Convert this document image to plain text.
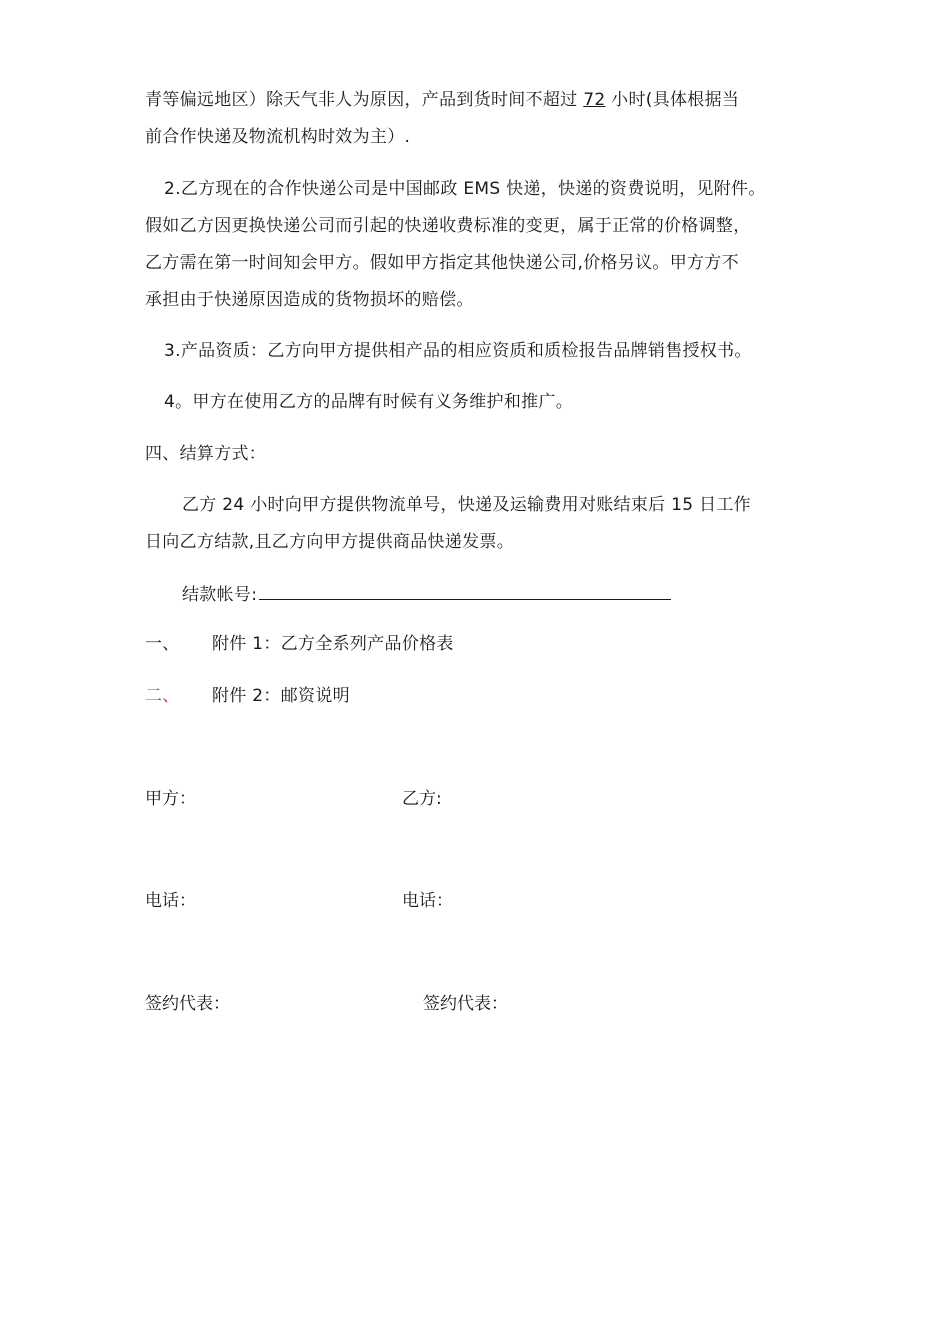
青等偏远地区）除天气非人为原因，产品到货时间不超过 72 小时(具体根据当
前合作快递及物流机构时效为主）.
2.乙方现在的合作快递公司是中国邮政 EMS 快递，快递的资费说明，见附件。
假如乙方因更换快递公司而引起的快递收费标准的变更，属于正常的价格调整，
乙方需在第一时间知会甲方。假如甲方指定其他快递公司,价格另议。甲方方不
承担由于快递原因造成的货物损坏的赔偿。
3.产品资质：乙方向甲方提供相产品的相应资质和质检报告品牌销售授权书。
4。甲方在使用乙方的品牌有时候有义务维护和推广。
四、结算方式：
乙方 24 小时向甲方提供物流单号，快递及运输费用对账结束后 15 日工作
日向乙方结款,且乙方向甲方提供商品快递发票。
结款帐号:
一、 附件 1：乙方全系列产品价格表
二、 附件 2：邮资说明
甲方：	乙方:
电话：	电话：
签约代表：	签约代表：
